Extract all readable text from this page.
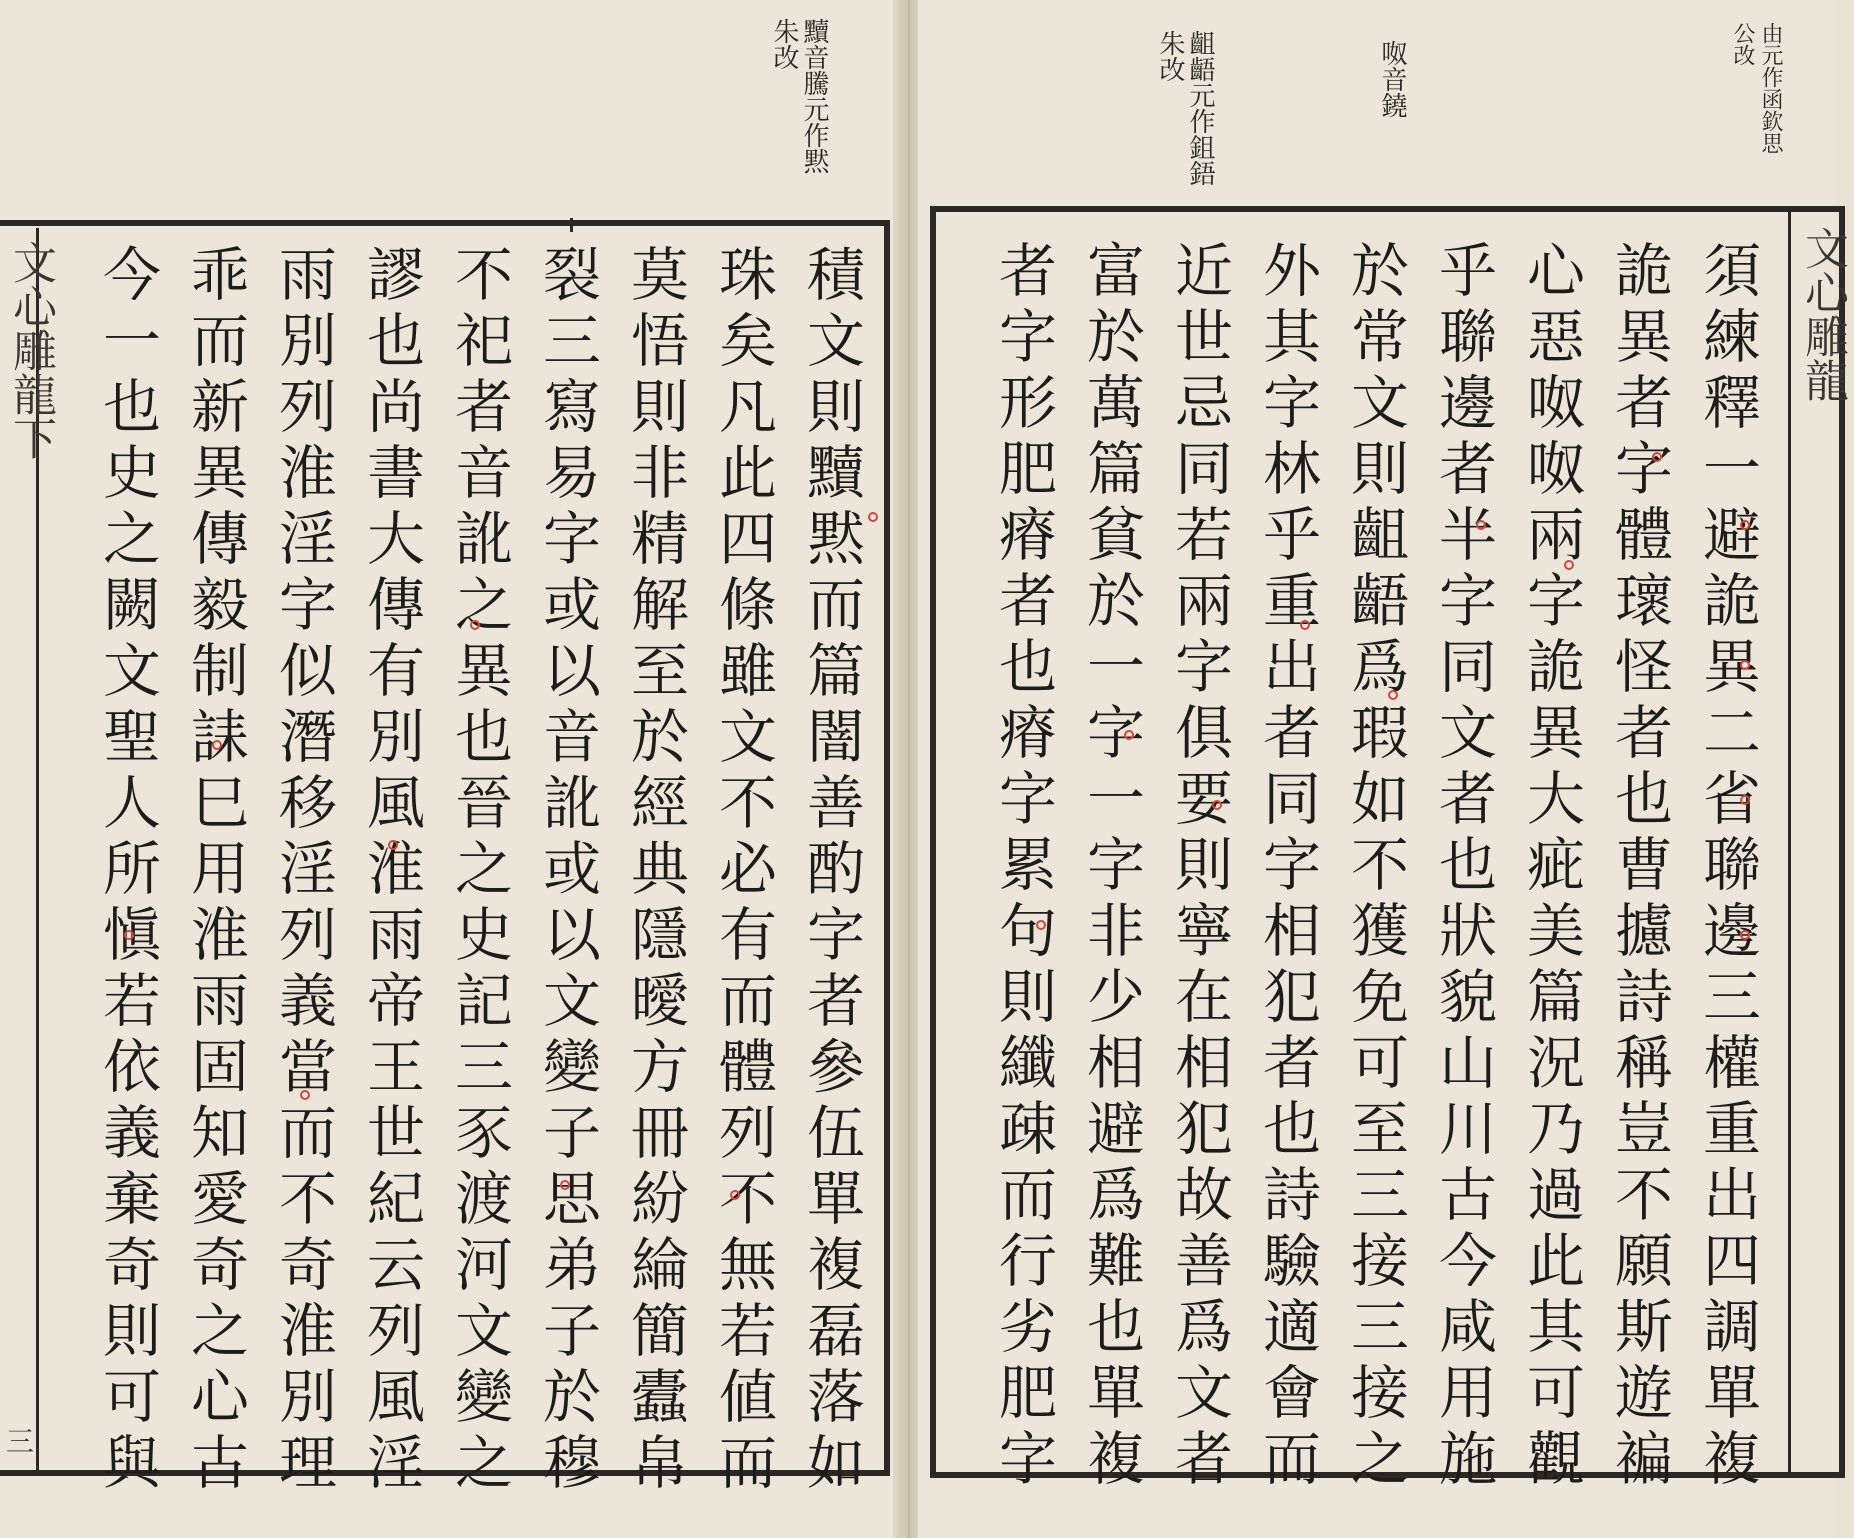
黷音騰元作黙
朱改
文心雕龍下
三	積文則黷黙而篇闇善酌字者參伍單複磊落如
珠矣凡此四條雖文不必有而體列不無若値而
莫悟則非精解至於經典隱曖方冊紛綸簡蠹帛
裂三寫易字或以音訛或以文變子思弟子於穆
不祀者音訛之異也晉之史記三豕渡河文變之
謬也尚書大傳有別風淮雨帝王世紀云列風淫
雨別列淮淫字似潛移淫列義當而不奇淮別理
乖而新異傳毅制誄巳用淮雨固知愛奇之心古
今一也史之闕文聖人所愼若依義棄奇則可與
由元作函欽思
公改
呶音鐃
齟齬元作鉏鋙
朱改
文心雕龍
須練釋一避詭異二省聯邊三權重出四調單複
詭異者字體瓌怪者也曹攄詩稱豈不願斯遊褊
心惡呶呶兩字詭異大疵美篇況乃過此其可觀
乎聯邊者半字同文者也狀貌山川古今咸用施
於常文則齟齬爲瑕如不獲免可至三接三接之
外其字林乎重出者同字相犯者也詩驗適會而
近世忌同若兩字俱要則寧在相犯故善爲文者
富於萬篇貧於一字一字非少相避爲難也單複
者字形肥瘠者也瘠字累句則纖疎而行劣肥字
